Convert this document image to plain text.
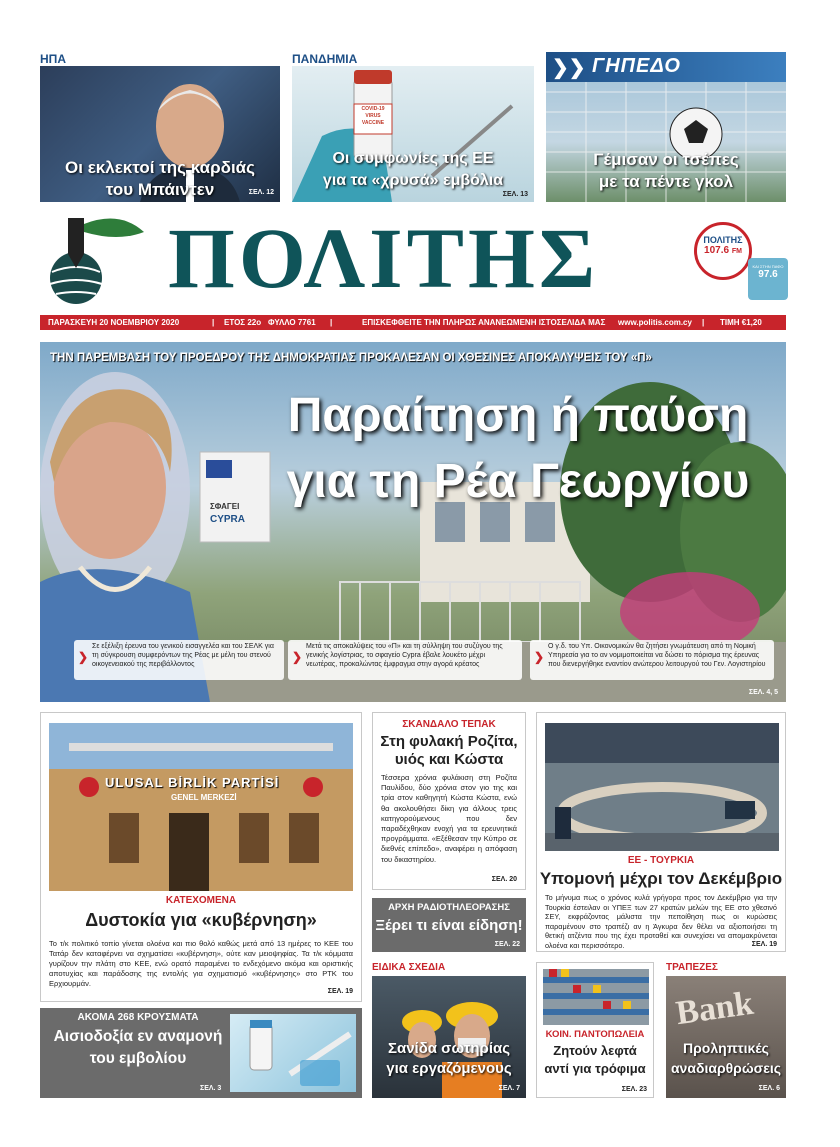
ΗΠΑ
Οι εκλεκτοί της καρδιάς
του Μπάιντεν	ΣΕΛ. 12
ΠΑΝΔΗΜΙΑ
COVID-19 VIRUS VACCINE
Οι συμφωνίες της ΕΕ
για τα «χρυσά» εμβόλια
ΣΕΛ. 13
❯❯ ΓΗΠΕΔΟ
Γέμισαν οι τσέπες
με τα πέντε γκολ
ΠΟΛΙΤΗΣ	ΠΟΛΙΤΗΣ
107.6 FM
ΚΑΙ ΣΤΗΝ ΠΑΦΟ
97.6
ΠΑΡΑΣΚΕΥΗ 20 ΝΟΕΜΒΡΙΟΥ 2020	| ΕΤΟΣ 22ο ΦΥΛΛΟ 7761 |	ΕΠΙΣΚΕΦΘΕΙΤΕ ΤΗΝ ΠΛΗΡΩΣ ΑΝΑΝΕΩΜΕΝΗ ΙΣΤΟΣΕΛΙΔΑ ΜΑΣ www.politis.com.cy | ΤΙΜΗ €1,20
ΣΦΑΓΕΙ
CYPRA
ΤΗΝ ΠΑΡΕΜΒΑΣΗ ΤΟΥ ΠΡΟΕΔΡΟΥ ΤΗΣ ΔΗΜΟΚΡΑΤΙΑΣ ΠΡΟΚΑΛΕΣΑΝ ΟΙ ΧΘΕΣΙΝΕΣ ΑΠΟΚΑΛΥΨΕΙΣ ΤΟΥ «Π»
Παραίτηση ή παύση
για τη Ρέα Γεωργίου
❯
Σε εξέλιξη έρευνα του γενικού εισαγγελέα και του ΣΕΛΚ για τη σύγκρουση συμφερόντων της Ρέας με μέλη του στενού οικογενειακού της περιβάλλοντος
❯
Μετά τις αποκαλύψεις του «Π» και τη σύλληψη του συζύγου της γενικής λογίστριας, το σφαγείο Cypra έβαλε λουκέτο μέχρι νεωτέρας, προκαλώντας έμφραγμα στην αγορά κρέατος
❯
Ο γ.δ. του Υπ. Οικονομικών θα ζητήσει γνωμάτευση από τη Νομική Υπηρεσία για το αν νομιμοποιείται να δώσει το πόρισμα της έρευνας που διενεργήθηκε εναντίον ανώτερου λειτουργού του Γεν. Λογιστηρίου
ΣΕΛ. 4, 5
ULUSAL BİRLİK PARTİSİ
GENEL MERKEZİ
ΚΑΤΕΧΟΜΕΝΑ
Δυστοκία για «κυβέρνηση»
Το τ/κ πολιτικό τοπίο γίνεται ολοένα και πιο θολό καθώς μετά από 13 ημέρες το ΚΕΕ του Τατάρ δεν καταφέρνει να σχηματίσει «κυβέρνηση», ούτε καν μειοψηφίας. Τα τ/κ κόμματα γυρίζουν την πλάτη στο ΚΕΕ, ενώ ορατό παραμένει το ενδεχόμενο ακόμα και οριστικής αποτυχίας και παράδοσης της εντολής για σχηματισμό «κυβέρνησης» στο ΡΤΚ του Ερχιουρμάν.
ΣΕΛ. 19
ΣΚΑΝΔΑΛΟ ΤΕΠΑΚ
Στη φυλακή Ροζίτα,
υιός και Κώστα
Τέσσερα χρόνια φυλάκιση στη Ροζίτα Παυλίδου, δύο χρόνια στον γιο της και τρία στον καθηγητή Κώστα Κώστα, ενώ θα ακολουθήσει δίκη για άλλους τρεις κατηγορούμενους που δεν παραδέχθηκαν ενοχή για τα ερευνητικά προγράμματα. «Εξέθεσαν την Κύπρο σε διεθνές επίπεδο», αναφέρει η απόφαση του δικαστηρίου.
ΣΕΛ. 20
ΑΡΧΗ ΡΑΔΙΟΤΗΛΕΟΡΑΣΗΣ
Ξέρει τι είναι είδηση!
ΣΕΛ. 22
ΕΕ - ΤΟΥΡΚΙΑ
Υπομονή μέχρι τον Δεκέμβριο
Το μήνυμα πως ο χρόνος κυλά γρήγορα προς τον Δεκέμβριο για την Τουρκία έστειλαν οι ΥΠΕΞ των 27 κρατών μελών της ΕΕ στο χθεσινό ΣΕΥ, εκφράζοντας μάλιστα την πεποίθηση πως οι κυρώσεις παραμένουν στο τραπέζι αν η Άγκυρα δεν θέλει να αξιοποιήσει τη θετική ατζέντα που της έχει προταθεί και συνεχίσει να απομακρύνεται ολοένα και περισσότερο.	ΣΕΛ. 19
ΑΚΟΜΑ 268 ΚΡΟΥΣΜΑΤΑ
Αισιοδοξία εν αναμονή
του εμβολίου
ΣΕΛ. 3
ΕΙΔΙΚΑ ΣΧΕΔΙΑ
Σανίδα σωτηρίας
για εργαζόμενους
ΣΕΛ. 7
ΚΟΙΝ. ΠΑΝΤΟΠΩΛΕΙΑ
Ζητούν λεφτά
αντί για τρόφιμα
ΣΕΛ. 23
ΤΡΑΠΕΖΕΣ
Bank
Προληπτικές
αναδιαρθρώσεις
ΣΕΛ. 6
